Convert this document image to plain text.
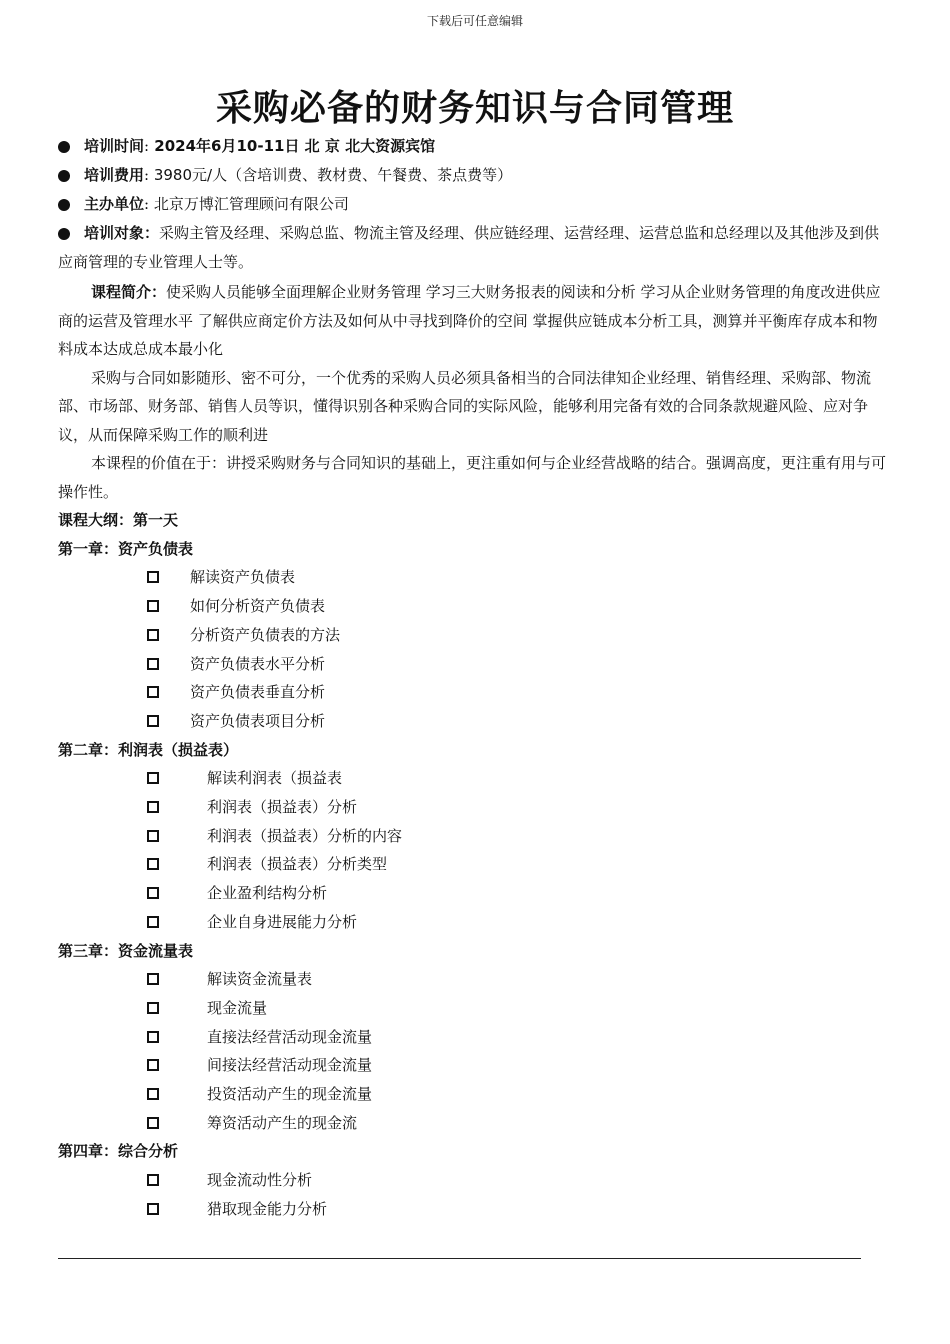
下载后可任意编辑
采购必备的财务知识与合同管理
培训时间: 2024年6月10-11日 北 京 北大资源宾馆
培训费用: 3980元/人（含培训费、教材费、午餐费、茶点费等）
主办单位: 北京万博汇管理顾问有限公司
培训对象：采购主管及经理、采购总监、物流主管及经理、供应链经理、运营经理、运营总监和总经理以及其他涉及到供应商管理的专业管理人士等。

课程简介：使采购人员能够全面理解企业财务管理 学习三大财务报表的阅读和分析 学习从企业财务管理的角度改进供应商的运营及管理水平 了解供应商定价方法及如何从中寻找到降价的空间 掌握供应链成本分析工具，测算并平衡库存成本和物料成本达成总成本最小化

采购与合同如影随形、密不可分，一个优秀的采购人员必须具备相当的合同法律知企业经理、销售经理、采购部、物流部、市场部、财务部、销售人员等识，懂得识别各种采购合同的实际风险，能够利用完备有效的合同条款规避风险、应对争议，从而保障采购工作的顺利进

本课程的价值在于：讲授采购财务与合同知识的基础上，更注重如何与企业经营战略的结合。强调高度，更注重有用与可操作性。

课程大纲：第一天
第一章：资产负债表
解读资产负债表
如何分析资产负债表
分析资产负债表的方法
资产负债表水平分析
资产负债表垂直分析
资产负债表项目分析
第二章：利润表（损益表）
解读利润表（损益表
利润表（损益表）分析
利润表（损益表）分析的内容
利润表（损益表）分析类型
企业盈利结构分析
企业自身进展能力分析
第三章：资金流量表
解读资金流量表
现金流量
直接法经营活动现金流量
间接法经营活动现金流量
投资活动产生的现金流量
筹资活动产生的现金流
第四章：综合分析
现金流动性分析
猎取现金能力分析
